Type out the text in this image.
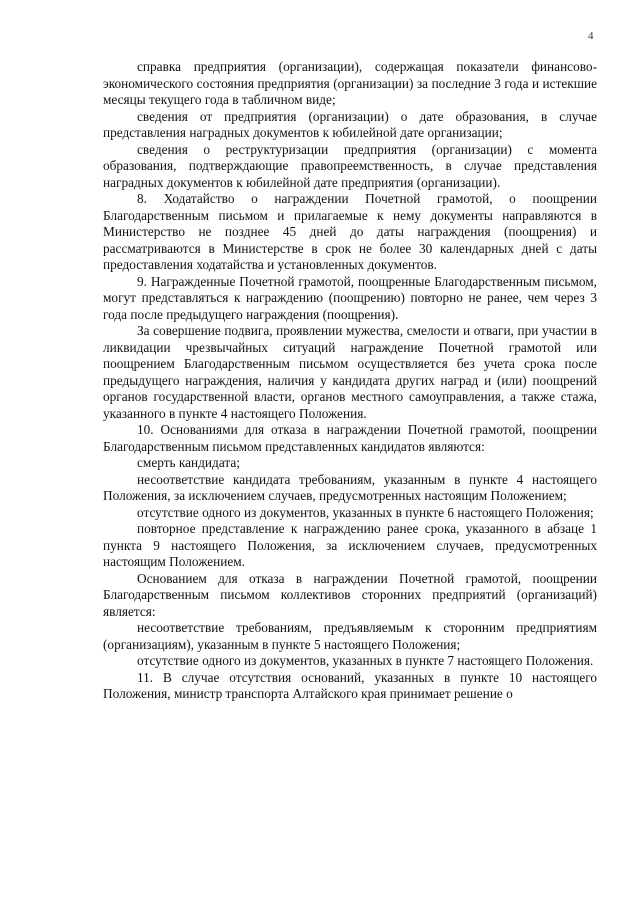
4

справка предприятия (организации), содержащая показатели финансово-экономического состояния предприятия (организации) за последние 3 года и истекшие месяцы текущего года в табличном виде;

сведения от предприятия (организации) о дате образования, в случае представления наградных документов к юбилейной дате организации;

сведения о реструктуризации предприятия (организации) с момента образования, подтверждающие правопреемственность, в случае представления наградных документов к юбилейной дате предприятия (организации).

8. Ходатайство о награждении Почетной грамотой, о поощрении Благодарственным письмом и прилагаемые к нему документы направляются в Министерство не позднее 45 дней до даты награждения (поощрения) и рассматриваются в Министерстве в срок не более 30 календарных дней с даты предоставления ходатайства и установленных документов.

9. Награжденные Почетной грамотой, поощренные Благодарственным письмом, могут представляться к награждению (поощрению) повторно не ранее, чем через 3 года после предыдущего награждения (поощрения).

За совершение подвига, проявлении мужества, смелости и отваги, при участии в ликвидации чрезвычайных ситуаций награждение Почетной грамотой или поощрением Благодарственным письмом осуществляется без учета срока после предыдущего награждения, наличия у кандидата других наград и (или) поощрений органов государственной власти, органов местного самоуправления, а также стажа, указанного в пункте 4 настоящего Положения.

10. Основаниями для отказа в награждении Почетной грамотой, поощрении Благодарственным письмом представленных кандидатов являются:

смерть кандидата;

несоответствие кандидата требованиям, указанным в пункте 4 настоящего Положения, за исключением случаев, предусмотренных настоящим Положением;

отсутствие одного из документов, указанных в пункте 6 настоящего Положения;

повторное представление к награждению ранее срока, указанного в абзаце 1 пункта 9 настоящего Положения, за исключением случаев, предусмотренных настоящим Положением.

Основанием для отказа в награждении Почетной грамотой, поощрении Благодарственным письмом коллективов сторонних предприятий (организаций) является:

несоответствие требованиям, предъявляемым к сторонним предприятиям (организациям), указанным в пункте 5 настоящего Положения;

отсутствие одного из документов, указанных в пункте 7 настоящего Положения.

11. В случае отсутствия оснований, указанных в пункте 10 настоящего Положения, министр транспорта Алтайского края принимает решение о
